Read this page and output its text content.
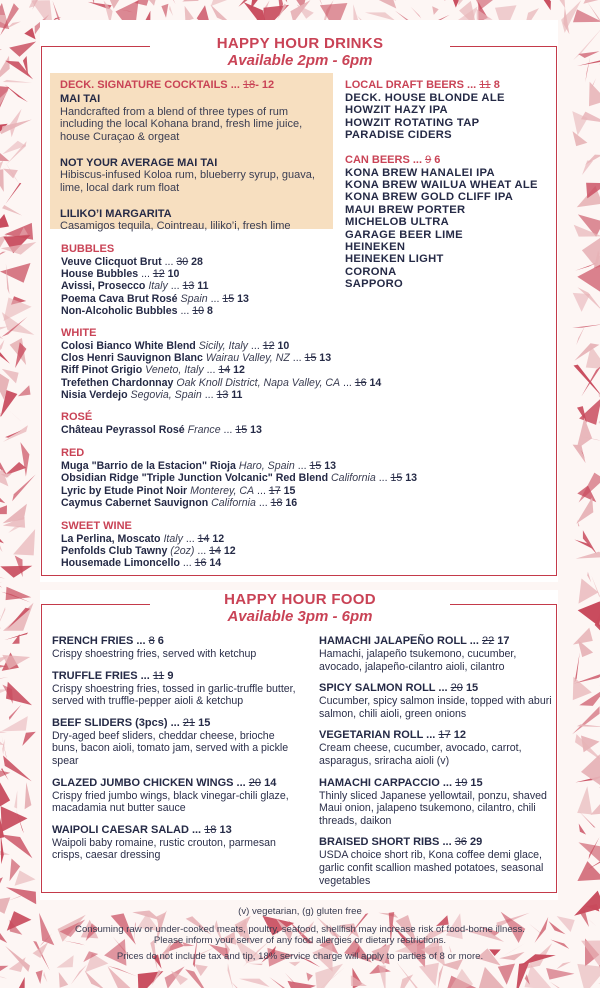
HAPPY HOUR DRINKS
Available 2pm - 6pm
DECK. SIGNATURE COCKTAILS ... 18- 12
MAI TAI
Handcrafted from a blend of three types of rum including the local Kohana brand, fresh lime juice, house Curaçao & orgeat
NOT YOUR AVERAGE MAI TAI
Hibiscus-infused Koloa rum, blueberry syrup, guava, lime, local dark rum float
LILIKO’I MARGARITA
Casamigos tequila, Cointreau, liliko’i, fresh lime
LOCAL DRAFT BEERS ... 11 8
DECK. HOUSE BLONDE ALE
HOWZIT HAZY IPA
HOWZIT ROTATING TAP
PARADISE CIDERS
CAN BEERS ... 9 6
KONA BREW HANALEI IPA
KONA BREW WAILUA WHEAT ALE
KONA BREW GOLD CLIFF IPA
MAUI BREW PORTER
MICHELOB ULTRA
GARAGE BEER LIME
HEINEKEN
HEINEKEN LIGHT
CORONA
SAPPORO
BUBBLES
Veuve Clicquot Brut ... 30 28
House Bubbles ... 12 10
Avissi, Prosecco Italy ... 13 11
Poema Cava Brut Rosé Spain ... 15 13
Non-Alcoholic Bubbles ... 10 8
WHITE
Colosi Bianco White Blend Sicily, Italy ... 12 10
Clos Henri Sauvignon Blanc Wairau Valley, NZ ... 15 13
Riff Pinot Grigio Veneto, Italy ... 14 12
Trefethen Chardonnay Oak Knoll District, Napa Valley, CA ... 16 14
Nisia Verdejo Segovia, Spain ... 13 11
ROSÉ
Château Peyrassol Rosé France ... 15 13
RED
Muga "Barrio de la Estacion" Rioja Haro, Spain ... 15 13
Obsidian Ridge "Triple Junction Volcanic" Red Blend California ... 15 13
Lyric by Etude Pinot Noir Monterey, CA ... 17 15
Caymus Cabernet Sauvignon California ... 18 16
SWEET WINE
La Perlina, Moscato Italy ... 14 12
Penfolds Club Tawny (2oz) ... 14 12
Housemade Limoncello ... 16 14
HAPPY HOUR FOOD
Available 3pm - 6pm
FRENCH FRIES ... 8 6
Crispy shoestring fries, served with ketchup
TRUFFLE FRIES ... 11 9
Crispy shoestring fries, tossed in garlic-truffle butter, served with truffle-pepper aioli & ketchup
BEEF SLIDERS (3pcs) ... 21 15
Dry-aged beef sliders, cheddar cheese, brioche buns, bacon aioli, tomato jam, served with a pickle spear
GLAZED JUMBO CHICKEN WINGS ... 20 14
Crispy fried jumbo wings, black vinegar-chili glaze, macadamia nut butter sauce
WAIPOLI CAESAR SALAD ... 18 13
Waipoli baby romaine, rustic crouton, parmesan crisps, caesar dressing
HAMACHI JALAPEÑO ROLL ... 22 17
Hamachi, jalapeño tsukemono, cucumber, avocado, jalapeño-cilantro aioli, cilantro
SPICY SALMON ROLL ... 20 15
Cucumber, spicy salmon inside, topped with aburi salmon, chili aioli, green onions
VEGETARIAN ROLL ... 17 12
Cream cheese, cucumber, avocado, carrot, asparagus, sriracha aioli (v)
HAMACHI CARPACCIO ... 19 15
Thinly sliced Japanese yellowtail, ponzu, shaved Maui onion, jalapeno tsukemono, cilantro, chili threads, daikon
BRAISED SHORT RIBS ... 36 29
USDA choice short rib, Kona coffee demi glace, garlic confit scallion mashed potatoes, seasonal vegetables
(v) vegetarian, (g) gluten free
Consuming raw or under-cooked meats, poultry, seafood, shellfish may increase risk of food-borne illness.
Please inform your server of any food allergies or dietary restrictions.
Prices do not include tax and tip, 18% service charge will apply to parties of 8 or more.
